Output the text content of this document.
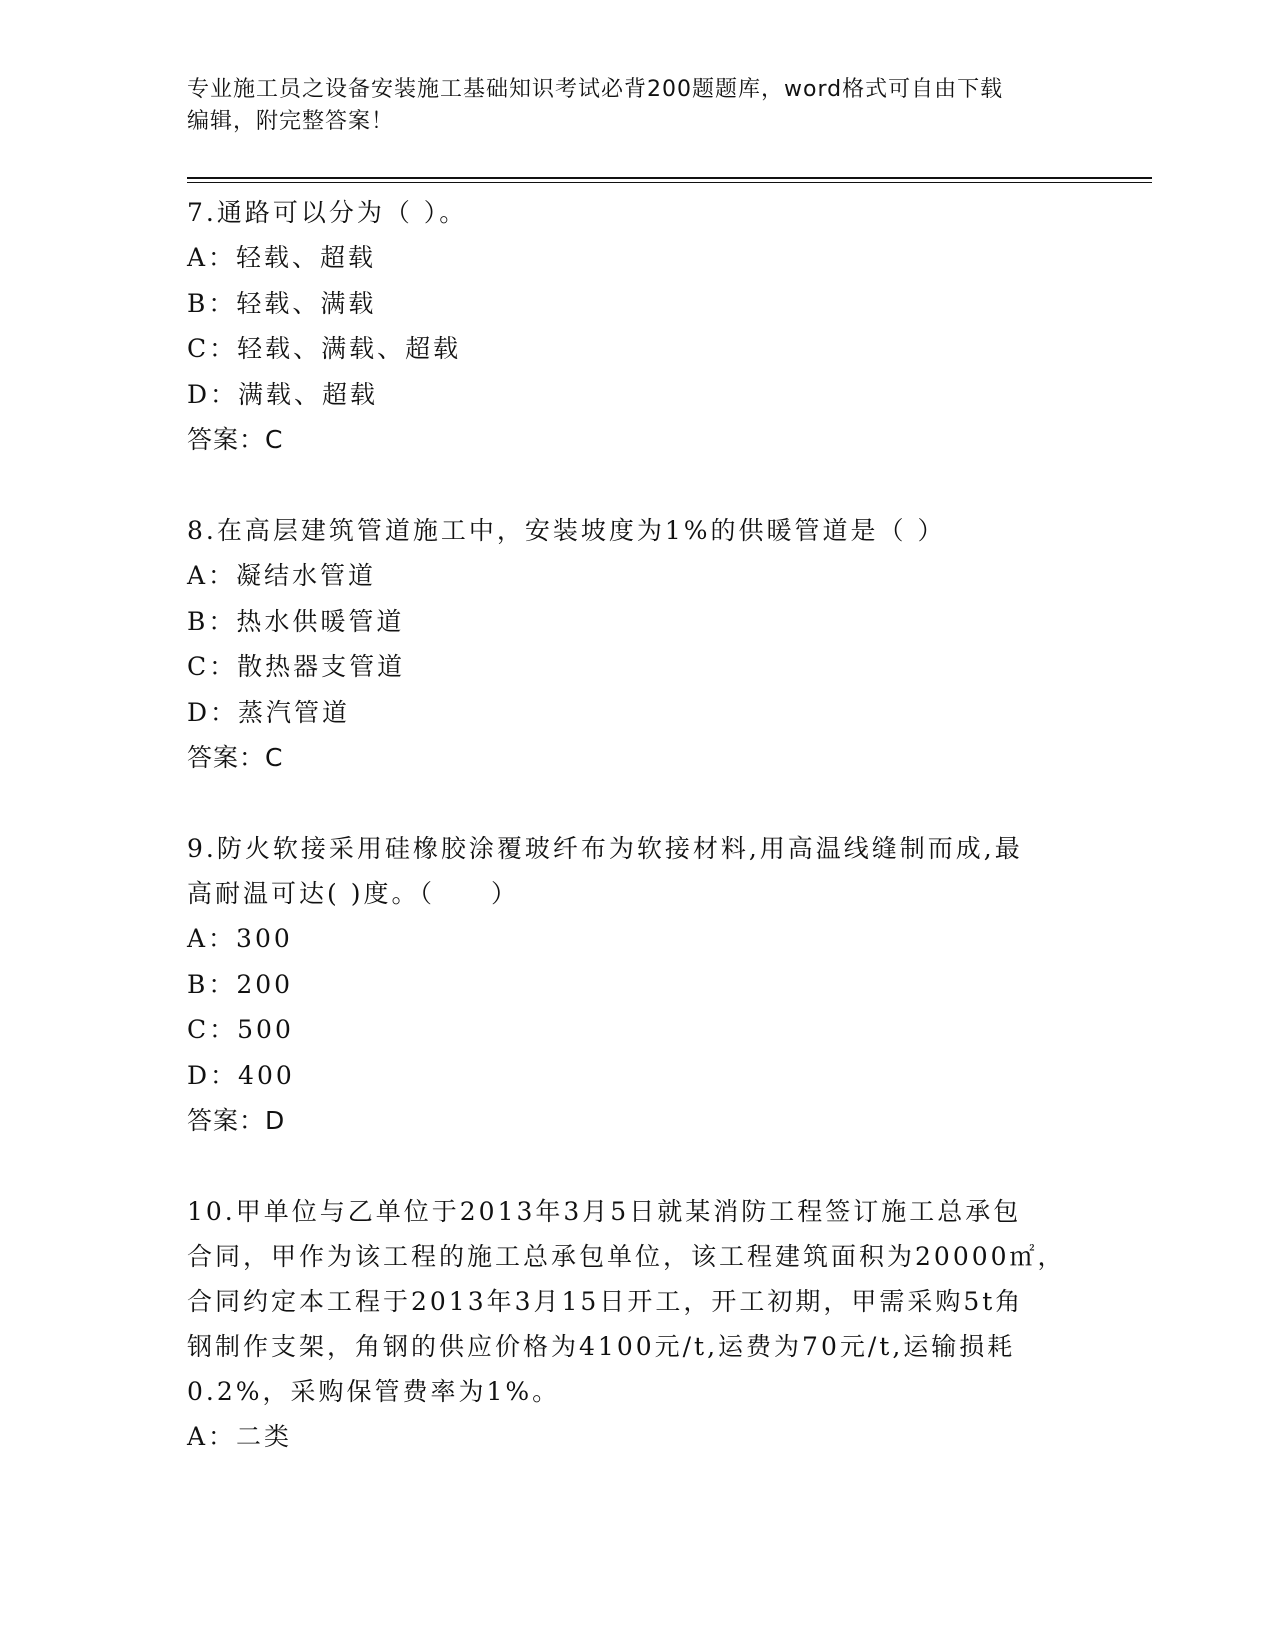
专业施工员之设备安装施工基础知识考试必背200题题库，word格式可自由下载

编辑，附完整答案！

7.通路可以分为（ ）。

A：轻载、超载

B：轻载、满载

C：轻载、满载、超载

D：满载、超载

答案：C

8.在高层建筑管道施工中，安装坡度为1%的供暖管道是（ ）

A：凝结水管道

B：热水供暖管道

C：散热器支管道

D：蒸汽管道

答案：C

9.防火软接采用硅橡胶涂覆玻纤布为软接材料,用高温线缝制而成,最

高耐温可达( )度。（　　）

A：300

B：200

C：500

D：400

答案：D

10.甲单位与乙单位于2013年3月5日就某消防工程签订施工总承包

合同，甲作为该工程的施工总承包单位，该工程建筑面积为20000㎡，

合同约定本工程于2013年3月15日开工，开工初期，甲需采购5t角

钢制作支架，角钢的供应价格为4100元/t,运费为70元/t,运输损耗

0.2%，采购保管费率为1%。

A：二类
